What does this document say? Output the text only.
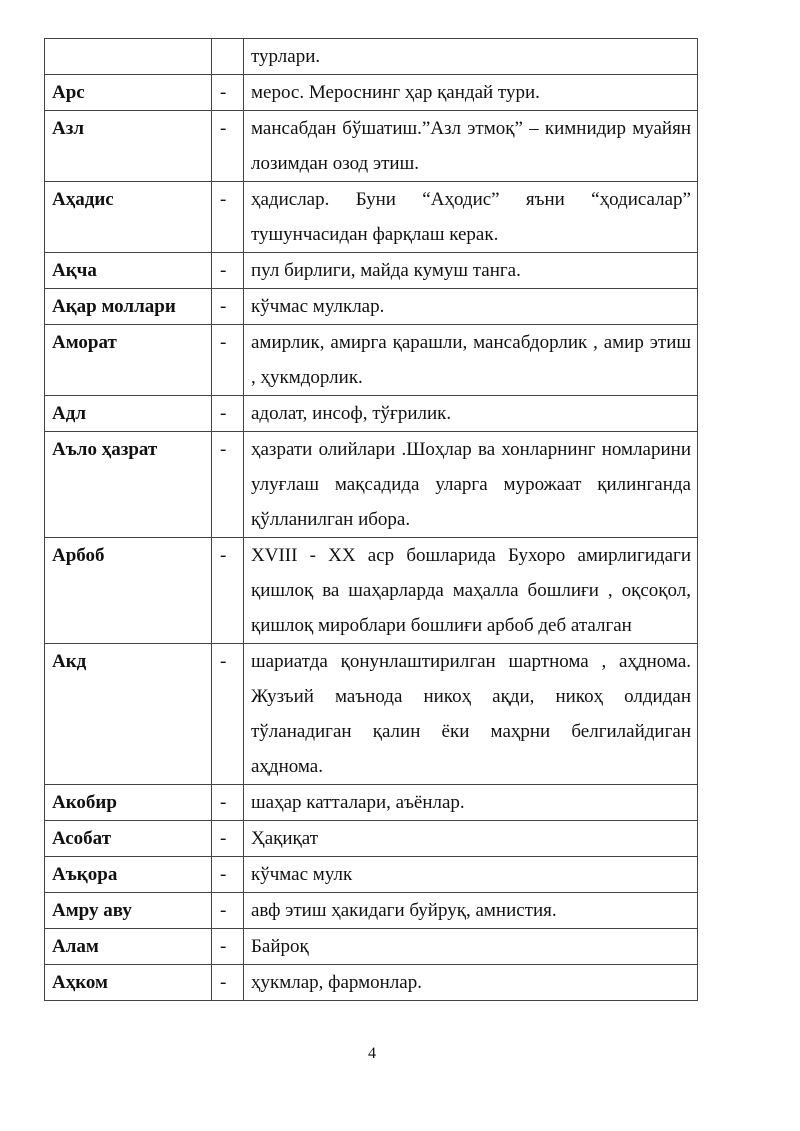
		турлари.
Арс	-	мерос. Мероснинг ҳар қандай тури.
Азл	-	мансабдан бўшатиш.”Азл этмоқ” – кимнидир муайян лозимдан озод этиш.
Аҳадис	-	ҳадислар. Буни “Аҳодис” яъни “ҳодисалар” тушунчасидан фарқлаш керак.
Ақча	-	пул бирлиги, майда кумуш танга.
Ақар моллари	-	кўчмас мулклар.
Аморат	-	амирлик, амирга қарашли, мансабдорлик , амир этиш , ҳукмдорлик.
Адл	-	адолат, инсоф, тўғрилик.
Аъло ҳазрат	-	ҳазрати олийлари .Шоҳлар ва хонларнинг номларини улуғлаш мақсадида уларга мурожаат қилинганда қўлланилган ибора.
Арбоб	-	XVIII - XX аср бошларида Бухоро амирлигидаги қишлоқ ва шаҳарларда маҳалла бошлиғи , оқсоқол, қишлоқ мироблари бошлиғи арбоб деб аталган
Акд	-	шариатда қонунлаштирилган шартнома , аҳднома. Жузъий маънода никоҳ ақди, никоҳ олдидан тўланадиган қалин ёки маҳрни белгилайдиган аҳднома.
Акобир	-	шаҳар катталари, аъёнлар.
Асобат	-	Ҳақиқат
Аъқора	-	кўчмас мулк
Амру аву	-	авф этиш ҳакидаги буйруқ, амнистия.
Алам	-	Байроқ
Аҳком	-	ҳукмлар, фармонлар.
4
